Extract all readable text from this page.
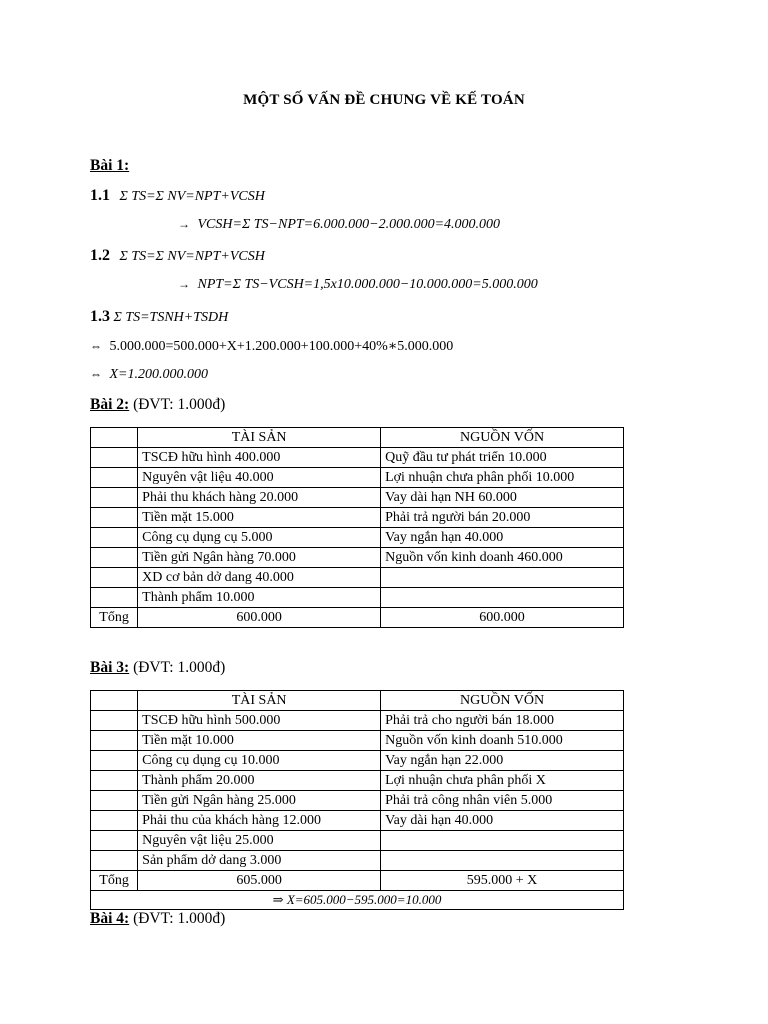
MỘT SỐ VẤN ĐỀ CHUNG VỀ KẾ TOÁN
Bài 1:
1.1 Σ TS=Σ NV=NPT+VCSH
→ VCSH=Σ TS−NPT=6.000.000−2.000.000=4.000.000
1.2 Σ TS=Σ NV=NPT+VCSH
→ NPT=Σ TS−VCSH=1,5x10.000.000−10.000.000=5.000.000
1.3 Σ TS=TSNH+TSDH
⇔ 5.000.000=500.000+X+1.200.000+100.000+40%∗5.000.000
⇔ X=1.200.000.000
Bài 2: (ĐVT: 1.000đ)
	TÀI SẢN	NGUỒN VỐN
	TSCĐ hữu hình 400.000	Quỹ đầu tư phát triển 10.000
	Nguyên vật liệu 40.000	Lợi nhuận chưa phân phối 10.000
	Phải thu khách hàng 20.000	Vay dài hạn NH 60.000
	Tiền mặt 15.000	Phải trả người bán 20.000
	Công cụ dụng cụ 5.000	Vay ngắn hạn 40.000
	Tiền gửi Ngân hàng 70.000	Nguồn vốn kinh doanh 460.000
	XD cơ bản dở dang 40.000	
	Thành phẩm 10.000	
Tổng	600.000	600.000
Bài 3: (ĐVT: 1.000đ)
	TÀI SẢN	NGUỒN VỐN
	TSCĐ hữu hình 500.000	Phải trả cho người bán 18.000
	Tiền mặt 10.000	Nguồn vốn kinh doanh 510.000
	Công cụ dụng cụ 10.000	Vay ngắn hạn 22.000
	Thành phẩm 20.000	Lợi nhuận chưa phân phối X
	Tiền gửi Ngân hàng 25.000	Phải trả công nhân viên 5.000
	Phải thu của khách hàng 12.000	Vay dài hạn 40.000
	Nguyên vật liệu 25.000	
	Sản phẩm dở dang 3.000	
Tổng	605.000	595.000 + X
⇒ X=605.000−595.000=10.000		
Bài 4: (ĐVT: 1.000đ)
